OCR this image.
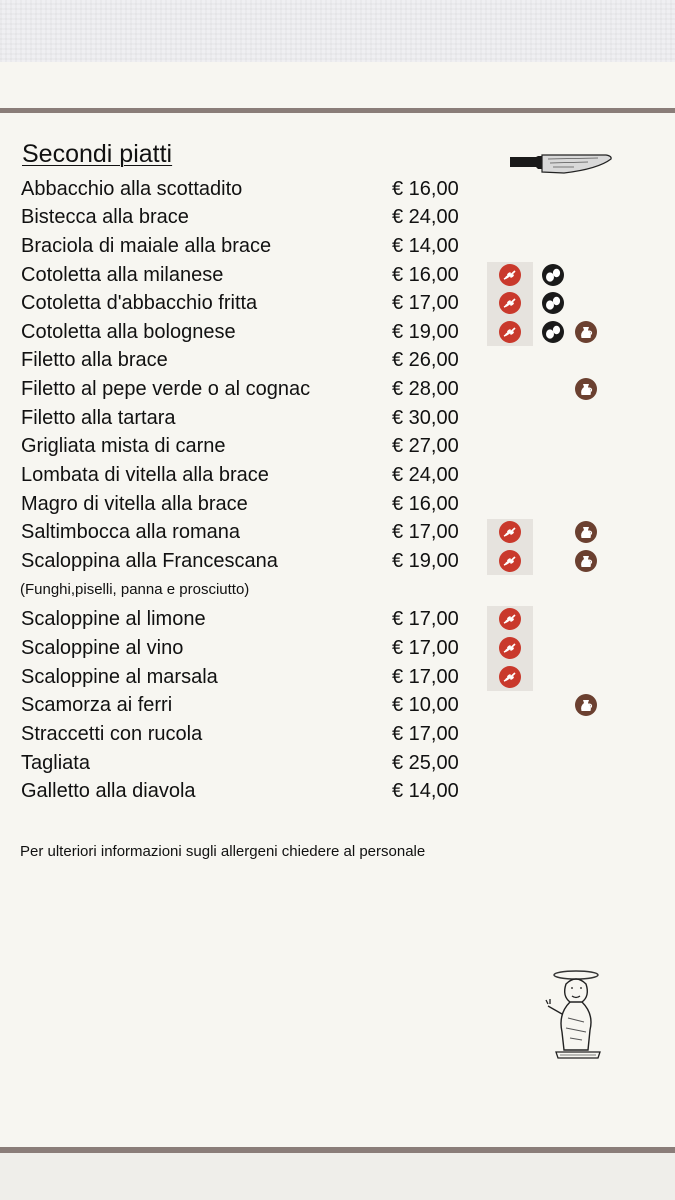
Secondi piatti
Abbacchio alla scottadito	€ 16,00
Bistecca alla brace	€ 24,00
Braciola di maiale alla brace	€ 14,00
Cotoletta alla milanese	€ 16,00
Cotoletta d'abbacchio fritta	€ 17,00
Cotoletta alla bolognese	€ 19,00
Filetto alla brace	€ 26,00
Filetto al pepe verde o al cognac	€ 28,00
Filetto alla tartara	€ 30,00
Grigliata mista di carne	€ 27,00
Lombata di vitella alla brace	€ 24,00
Magro di vitella alla brace	€ 16,00
Saltimbocca alla romana	€ 17,00
Scaloppina alla Francescana	€ 19,00
Scaloppine al limone	€ 17,00
Scaloppine al vino	€ 17,00
Scaloppine al marsala	€ 17,00
Scamorza ai ferri	€ 10,00
Straccetti con rucola	€ 17,00
Tagliata	€ 25,00
Galletto alla diavola	€ 14,00
(Funghi,piselli, panna e prosciutto)
Per ulteriori informazioni sugli allergeni chiedere al personale
